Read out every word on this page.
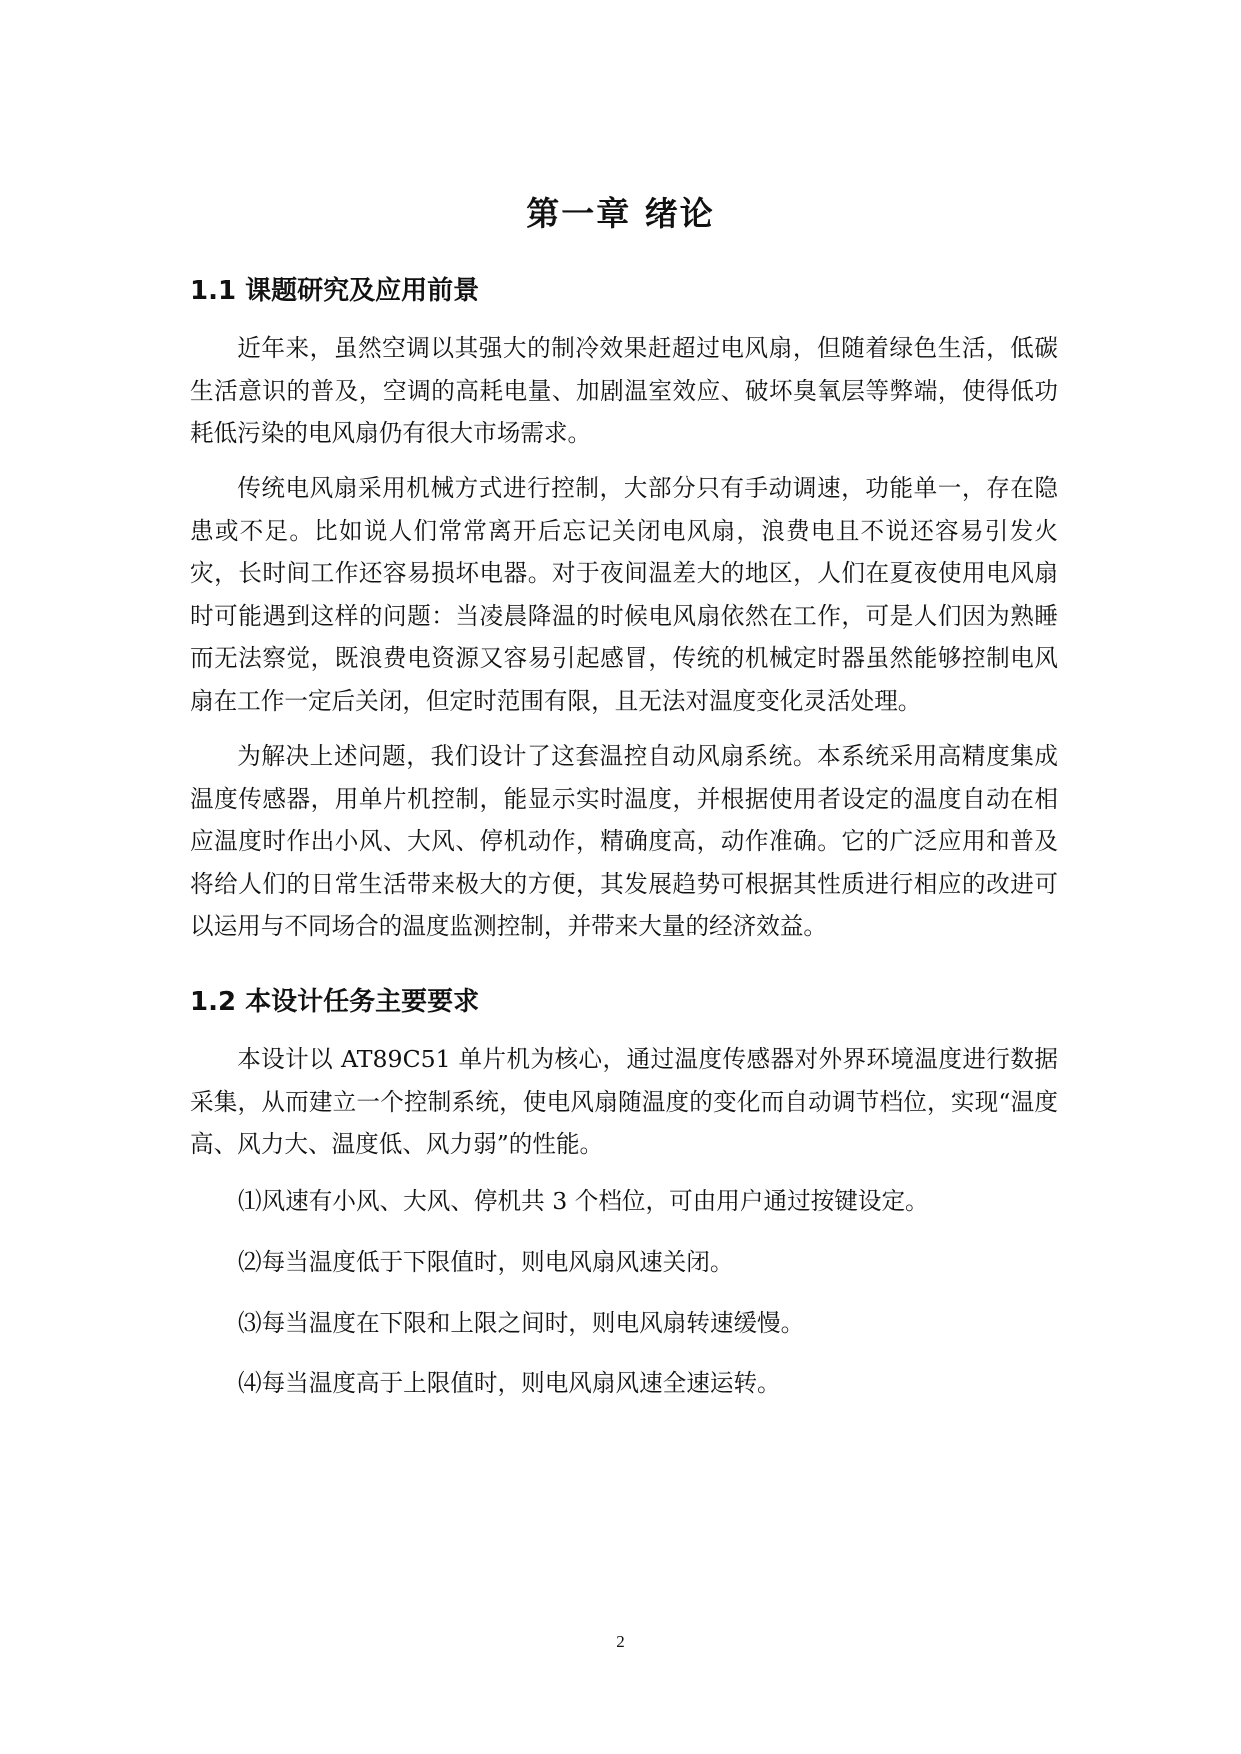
第一章 绪论
1.1 课题研究及应用前景

近年来，虽然空调以其强大的制冷效果赶超过电风扇，但随着绿色生活，低碳生活意识的普及，空调的高耗电量、加剧温室效应、破坏臭氧层等弊端，使得低功耗低污染的电风扇仍有很大市场需求。

传统电风扇采用机械方式进行控制，大部分只有手动调速，功能单一，存在隐患或不足。比如说人们常常离开后忘记关闭电风扇，浪费电且不说还容易引发火灾，长时间工作还容易损坏电器。对于夜间温差大的地区，人们在夏夜使用电风扇时可能遇到这样的问题：当凌晨降温的时候电风扇依然在工作，可是人们因为熟睡而无法察觉，既浪费电资源又容易引起感冒，传统的机械定时器虽然能够控制电风扇在工作一定后关闭，但定时范围有限，且无法对温度变化灵活处理。

为解决上述问题，我们设计了这套温控自动风扇系统。本系统采用高精度集成温度传感器，用单片机控制，能显示实时温度，并根据使用者设定的温度自动在相应温度时作出小风、大风、停机动作，精确度高，动作准确。它的广泛应用和普及将给人们的日常生活带来极大的方便，其发展趋势可根据其性质进行相应的改进可以运用与不同场合的温度监测控制，并带来大量的经济效益。

1.2 本设计任务主要要求

本设计以 AT89C51 单片机为核心，通过温度传感器对外界环境温度进行数据采集，从而建立一个控制系统，使电风扇随温度的变化而自动调节档位，实现“温度高、风力大、温度低、风力弱”的性能。

⑴风速有小风、大风、停机共 3 个档位，可由用户通过按键设定。

⑵每当温度低于下限值时，则电风扇风速关闭。

⑶每当温度在下限和上限之间时，则电风扇转速缓慢。

⑷每当温度高于上限值时，则电风扇风速全速运转。

2
